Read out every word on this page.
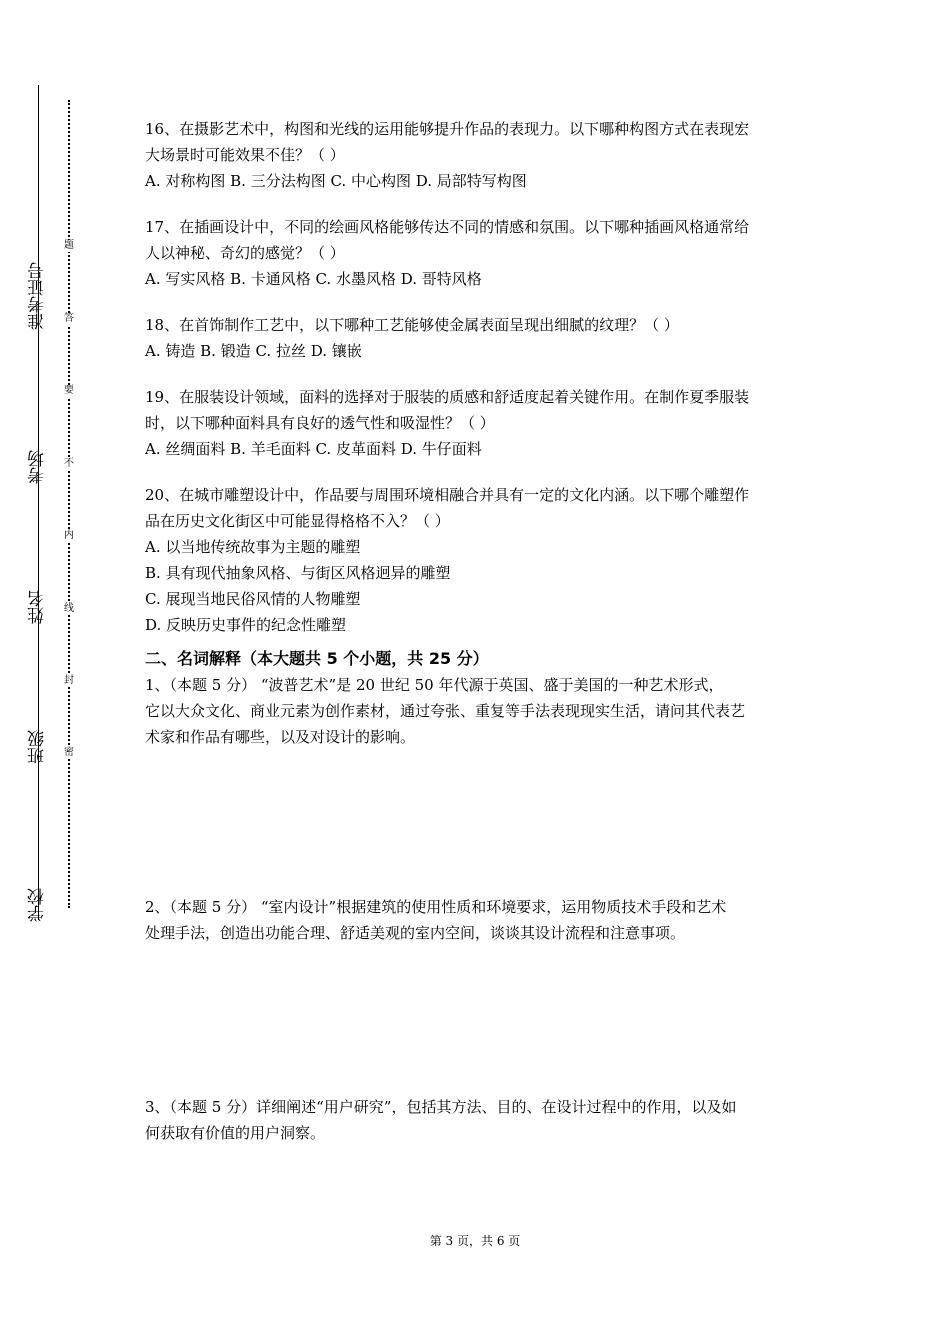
准考证号
考场
姓名
班级
学校
题
答
要
不
内
线
封
密

16、在摄影艺术中，构图和光线的运用能够提升作品的表现力。以下哪种构图方式在表现宏

大场景时可能效果不佳？（ ）

A. 对称构图 B. 三分法构图 C. 中心构图 D. 局部特写构图

17、在插画设计中，不同的绘画风格能够传达不同的情感和氛围。以下哪种插画风格通常给

人以神秘、奇幻的感觉？（ ）

A. 写实风格 B. 卡通风格 C. 水墨风格 D. 哥特风格

18、在首饰制作工艺中，以下哪种工艺能够使金属表面呈现出细腻的纹理？（ ）

A. 铸造 B. 锻造 C. 拉丝 D. 镶嵌

19、在服装设计领域，面料的选择对于服装的质感和舒适度起着关键作用。在制作夏季服装

时，以下哪种面料具有良好的透气性和吸湿性？（ ）

A. 丝绸面料 B. 羊毛面料 C. 皮革面料 D. 牛仔面料

20、在城市雕塑设计中，作品要与周围环境相融合并具有一定的文化内涵。以下哪个雕塑作

品在历史文化街区中可能显得格格不入？（ ）

A. 以当地传统故事为主题的雕塑

B. 具有现代抽象风格、与街区风格迥异的雕塑

C. 展现当地民俗风情的人物雕塑

D. 反映历史事件的纪念性雕塑

二、名词解释（本大题共 5 个小题，共 25 分）

1、（本题 5 分） “波普艺术”是 20 世纪 50 年代源于英国、盛于美国的一种艺术形式，

它以大众文化、商业元素为创作素材，通过夸张、重复等手法表现现实生活，请问其代表艺

术家和作品有哪些，以及对设计的影响。

2、（本题 5 分） “室内设计”根据建筑的使用性质和环境要求，运用物质技术手段和艺术

处理手法，创造出功能合理、舒适美观的室内空间，谈谈其设计流程和注意事项。

3、（本题 5 分）详细阐述“用户研究”，包括其方法、目的、在设计过程中的作用，以及如

何获取有价值的用户洞察。

第 3 页，共 6 页
